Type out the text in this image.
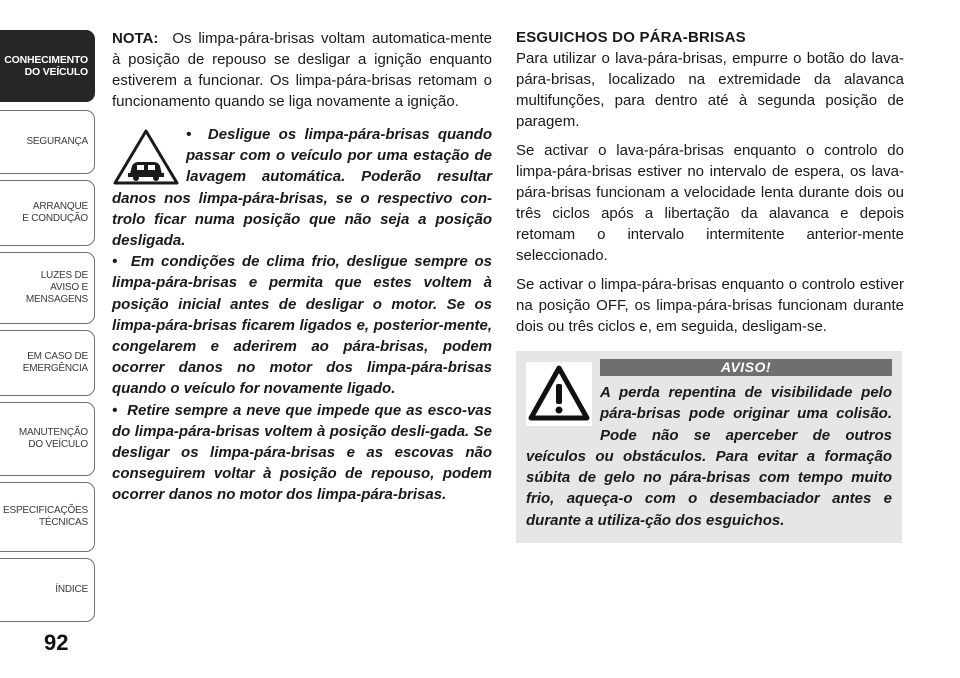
CONHECIMENTO
DO VEÍCULO
SEGURANÇA
ARRANQUE
E CONDUÇÃO
LUZES DE
AVISO E
MENSAGENS
EM CASO DE
EMERGÊNCIA
MANUTENÇÃO
DO VEÍCULO
ESPECIFICAÇÕES
TÉCNICAS
ÍNDICE
92

NOTA: Os limpa-pára-brisas voltam automatica-mente à posição de repouso se desligar a ignição enquanto estiverem a funcionar. Os limpa-pára-brisas retomam o funcionamento quando se liga novamente a ignição.

•  Desligue os limpa-pára-brisas quando passar com o veículo por uma estação de lavagem automática. Poderão resultar danos nos limpa-pára-brisas, se o respectivo con-trolo ficar numa posição que não seja a posição desligada.

•  Em condições de clima frio, desligue sempre os limpa-pára-brisas e permita que estes voltem à posição inicial antes de desligar o motor. Se os limpa-pára-brisas ficarem ligados e, posterior-mente, congelarem e aderirem ao pára-brisas, podem ocorrer danos no motor dos limpa-pára-brisas quando o veículo for novamente ligado.

•  Retire sempre a neve que impede que as esco-vas do limpa-pára-brisas voltem à posição desli-gada. Se desligar os limpa-pára-brisas e as escovas não conseguirem voltar à posição de repouso, podem ocorrer danos no motor dos limpa-pára-brisas.

ESGUICHOS DO PÁRA-BRISAS

Para utilizar o lava-pára-brisas, empurre o botão do lava-pára-brisas, localizado na extremidade da alavanca multifunções, para dentro até à segunda posição de paragem.

Se activar o lava-pára-brisas enquanto o controlo do limpa-pára-brisas estiver no intervalo de espera, os lava-pára-brisas funcionam a velocidade lenta durante dois ou três ciclos após a libertação da alavanca e depois retomam o intervalo intermitente anterior-mente seleccionado.

Se activar o limpa-pára-brisas enquanto o controlo estiver na posição OFF, os limpa-pára-brisas funcionam durante dois ou três ciclos e, em seguida, desligam-se.

AVISO!

A perda repentina de visibilidade pelo pára-brisas pode originar uma colisão. Pode não se aperceber de outros veículos ou obstáculos. Para evitar a formação súbita de gelo no pára-brisas com tempo muito frio, aqueça-o com o desembaciador antes e durante a utiliza-ção dos esguichos.
